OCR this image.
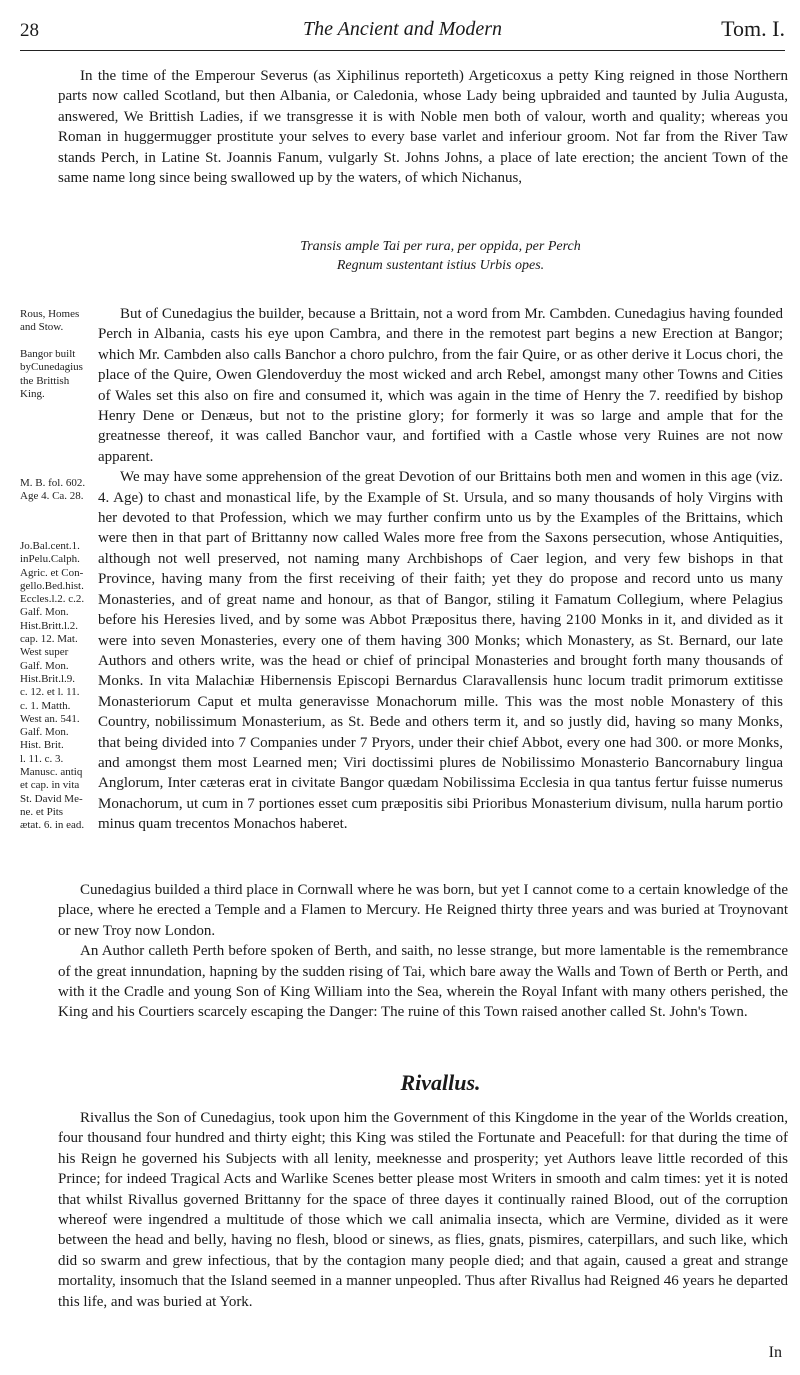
28	The Ancient and Modern	Tom. I.

In the time of the Emperour Severus (as Xiphilinus reporteth) Argeticoxus a petty King reigned in those Northern parts now called Scotland, but then Albania, or Caledonia, whose Lady being upbraided and taunted by Julia Augusta, answered, We Brittish Ladies, if we transgresse it is with Noble men both of valour, worth and quality; whereas you Roman in huggermugger prostitute your selves to every base varlet and inferiour groom. Not far from the River Taw stands Perch, in Latine St. Joannis Fanum, vulgarly St. Johns Johns, a place of late erection; the ancient Town of the same name long since being swallowed up by the waters, of which Nichanus,

Transis ample Tai per rura, per oppida, per Perch
Regnum sustentant istius Urbis opes.
Rous, Homes
and Stow.
Bangor built
byCunedagius
the Brittish
King.
M. B. fol. 602.
Age 4. Ca. 28.
Jo.Bal.cent.1.
inPelu.Calph.
Agric. et Con-
gello.Bed.hist.
Eccles.l.2. c.2.
Galf. Mon.
Hist.Britt.l.2.
cap. 12. Mat.
West super
Galf. Mon.
Hist.Brit.l.9.
c. 12. et l. 11.
c. 1. Matth.
West an. 541.
Galf. Mon.
Hist. Brit.
l. 11. c. 3.
Manusc. antiq
et cap. in vita
St. David Me-
ne. et Pits
ætat. 6. in ead.

But of Cunedagius the builder, because a Brittain, not a word from Mr. Cambden. Cunedagius having founded Perch in Albania, casts his eye upon Cambra, and there in the remotest part begins a new Erection at Bangor; which Mr. Cambden also calls Banchor a choro pulchro, from the fair Quire, or as other derive it Locus chori, the place of the Quire, Owen Glendoverduy the most wicked and arch Rebel, amongst many other Towns and Cities of Wales set this also on fire and consumed it, which was again in the time of Henry the 7. reedified by bishop Henry Dene or Denæus, but not to the pristine glory; for formerly it was so large and ample that for the greatnesse thereof, it was called Banchor vaur, and fortified with a Castle whose very Ruines are not now apparent.

We may have some apprehension of the great Devotion of our Brittains both men and women in this age (viz. 4. Age) to chast and monastical life, by the Example of St. Ursula, and so many thousands of holy Virgins with her devoted to that Profession, which we may further confirm unto us by the Examples of the Brittains, which were then in that part of Brittanny now called Wales more free from the Saxons persecution, whose Antiquities, although not well preserved, not naming many Archbishops of Caer legion, and very few bishops in that Province, having many from the first receiving of their faith; yet they do propose and record unto us many Monasteries, and of great name and honour, as that of Bangor, stiling it Famatum Collegium, where Pelagius before his Heresies lived, and by some was Abbot Præpositus there, having 2100 Monks in it, and divided as it were into seven Monasteries, every one of them having 300 Monks; which Monastery, as St. Bernard, our late Authors and others write, was the head or chief of principal Monasteries and brought forth many thousands of Monks. In vita Malachiæ Hibernensis Episcopi Bernardus Claravallensis hunc locum tradit primorum extitisse Monasteriorum Caput et multa generavisse Monachorum mille. This was the most noble Monastery of this Country, nobilissimum Monasterium, as St. Bede and others term it, and so justly did, having so many Monks, that being divided into 7 Companies under 7 Pryors, under their chief Abbot, every one had 300. or more Monks, and amongst them most Learned men; Viri doctissimi plures de Nobilissimo Monasterio Bancornabury lingua Anglorum, Inter cæteras erat in civitate Bangor quædam Nobilissima Ecclesia in qua tantus fertur fuisse numerus Monachorum, ut cum in 7 portiones esset cum præpositis sibi Prioribus Monasterium divisum, nulla harum portio minus quam trecentos Monachos haberet.

Cunedagius builded a third place in Cornwall where he was born, but yet I cannot come to a certain knowledge of the place, where he erected a Temple and a Flamen to Mercury. He Reigned thirty three years and was buried at Troynovant or new Troy now London.

An Author calleth Perth before spoken of Berth, and saith, no lesse strange, but more lamentable is the remembrance of the great innundation, hapning by the sudden rising of Tai, which bare away the Walls and Town of Berth or Perth, and with it the Cradle and young Son of King William into the Sea, wherein the Royal Infant with many others perished, the King and his Courtiers scarcely escaping the Danger: The ruine of this Town raised another called St. John's Town.

Rivallus.

Rivallus the Son of Cunedagius, took upon him the Government of this Kingdome in the year of the Worlds creation, four thousand four hundred and thirty eight; this King was stiled the Fortunate and Peacefull: for that during the time of his Reign he governed his Subjects with all lenity, meeknesse and prosperity; yet Authors leave little recorded of this Prince; for indeed Tragical Acts and Warlike Scenes better please most Writers in smooth and calm times: yet it is noted that whilst Rivallus governed Brittanny for the space of three dayes it continually rained Blood, out of the corruption whereof were ingendred a multitude of those which we call animalia insecta, which are Vermine, divided as it were between the head and belly, having no flesh, blood or sinews, as flies, gnats, pismires, caterpillars, and such like, which did so swarm and grew infectious, that by the contagion many people died; and that again, caused a great and strange mortality, insomuch that the Island seemed in a manner unpeopled. Thus after Rivallus had Reigned 46 years he departed this life, and was buried at York.

In
